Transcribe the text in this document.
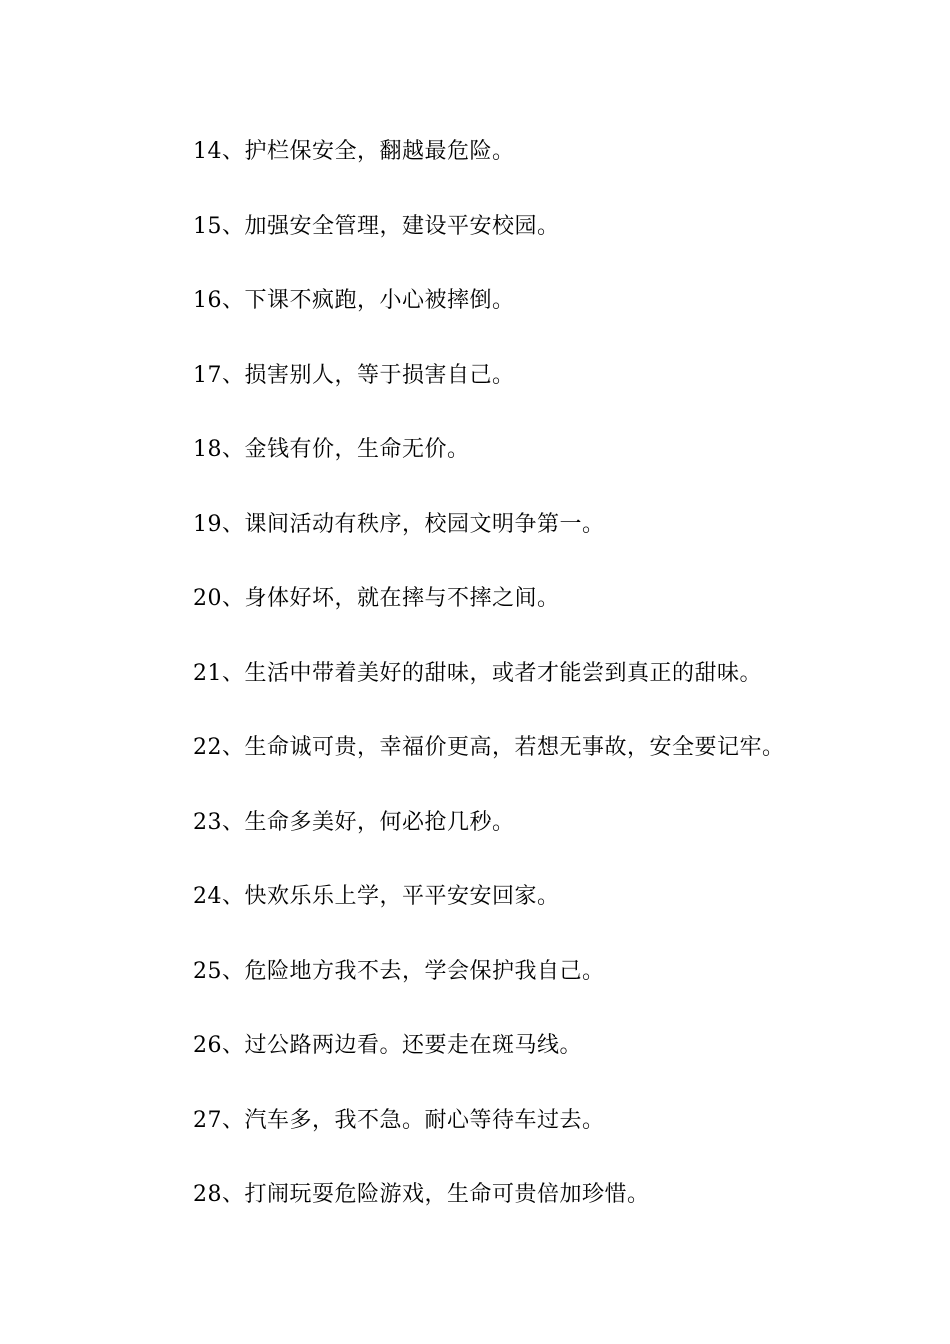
14、护栏保安全，翻越最危险。
15、加强安全管理，建设平安校园。
16、下课不疯跑，小心被摔倒。
17、损害别人，等于损害自己。
18、金钱有价，生命无价。
19、课间活动有秩序，校园文明争第一。
20、身体好坏，就在摔与不摔之间。
21、生活中带着美好的甜味，或者才能尝到真正的甜味。
22、生命诚可贵，幸福价更高，若想无事故，安全要记牢。
23、生命多美好，何必抢几秒。
24、快欢乐乐上学，平平安安回家。
25、危险地方我不去，学会保护我自己。
26、过公路两边看。还要走在斑马线。
27、汽车多，我不急。耐心等待车过去。
28、打闹玩耍危险游戏，生命可贵倍加珍惜。
